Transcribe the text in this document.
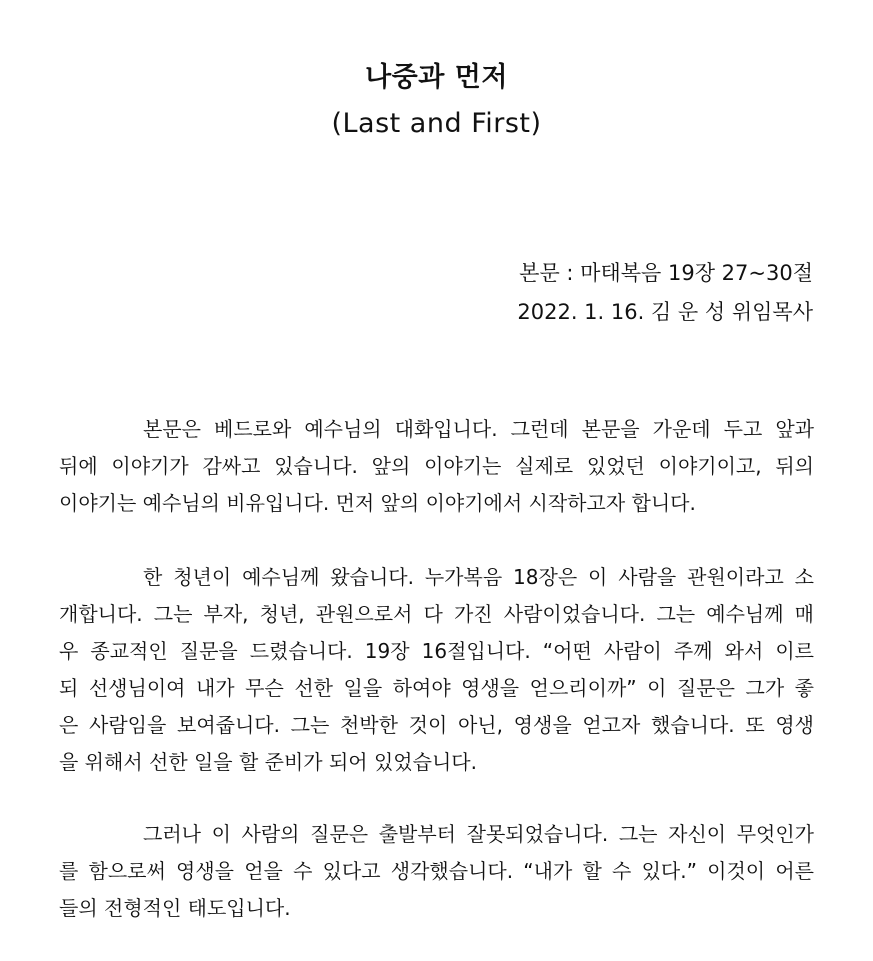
나중과 먼저
(Last and First)
본문 : 마태복음 19장 27~30절
2022. 1. 16. 김 운 성 위임목사
본문은 베드로와 예수님의 대화입니다. 그런데 본문을 가운데 두고 앞과
뒤에 이야기가 감싸고 있습니다. 앞의 이야기는 실제로 있었던 이야기이고, 뒤의
이야기는 예수님의 비유입니다. 먼저 앞의 이야기에서 시작하고자 합니다.
한 청년이 예수님께 왔습니다. 누가복음 18장은 이 사람을 관원이라고 소
개합니다. 그는 부자, 청년, 관원으로서 다 가진 사람이었습니다. 그는 예수님께 매
우 종교적인 질문을 드렸습니다. 19장 16절입니다. “어떤 사람이 주께 와서 이르
되 선생님이여 내가 무슨 선한 일을 하여야 영생을 얻으리이까” 이 질문은 그가 좋
은 사람임을 보여줍니다. 그는 천박한 것이 아닌, 영생을 얻고자 했습니다. 또 영생
을 위해서 선한 일을 할 준비가 되어 있었습니다.
그러나 이 사람의 질문은 출발부터 잘못되었습니다. 그는 자신이 무엇인가
를 함으로써 영생을 얻을 수 있다고 생각했습니다. “내가 할 수 있다.” 이것이 어른
들의 전형적인 태도입니다.
